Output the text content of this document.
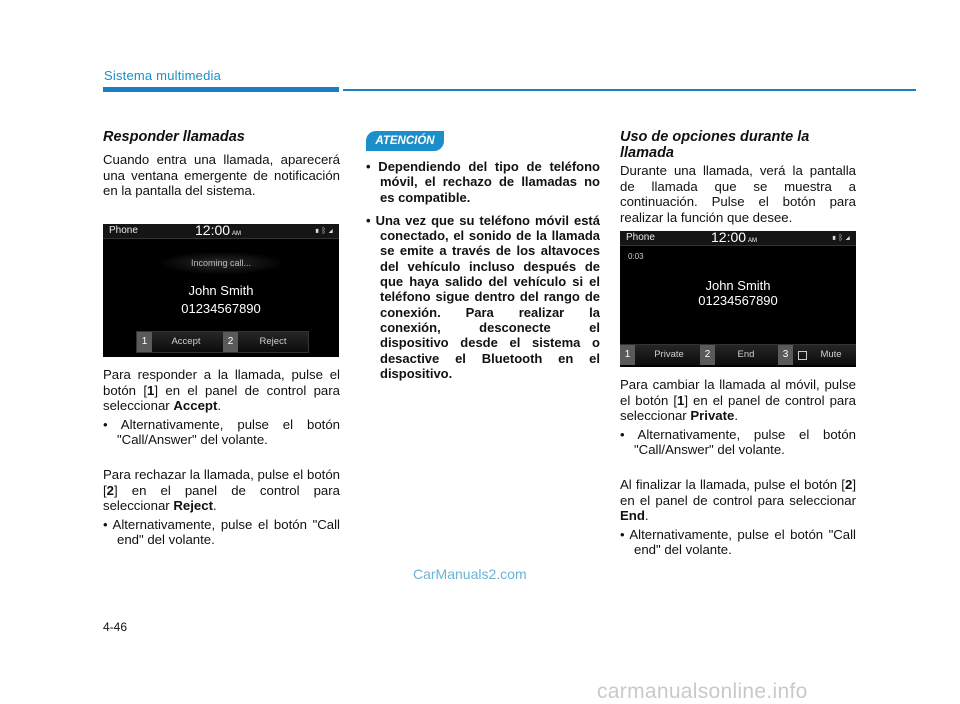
Sistema multimedia

Responder llamadas

Cuando entra una llamada, aparecerá una ventana emergente de notificación en la pantalla del sistema.

Phone	12:00 AM	▮ᛒ◢
Incoming call...
John Smith
01234567890
1	Accept	2	Reject

Para responder a la llamada, pulse el botón [1] en el panel de control para seleccionar Accept.

• Alternativamente, pulse el botón "Call/Answer" del volante.

Para rechazar la llamada, pulse el botón [2] en el panel de control para seleccionar Reject.

• Alternativamente, pulse el botón "Call end" del volante.

ATENCIÓN

• Dependiendo del tipo de teléfono móvil, el rechazo de llamadas no es compatible.

• Una vez que su teléfono móvil está conectado, el sonido de la llamada se emite a través de los altavoces del vehículo incluso después de que haya salido del vehículo si el teléfono sigue dentro del rango de conexión. Para realizar la conexión, desconecte el dispositivo desde el sistema o desactive el Bluetooth en el dispositivo.

Uso de opciones durante la llamada

Durante una llamada, verá la pantalla de llamada que se muestra a continuación. Pulse el botón para realizar la función que desee.

Phone	12:00 AM	▮ᛒ◢
0:03
John Smith
01234567890
1	Private	2	End	3	Mute

Para cambiar la llamada al móvil, pulse el botón [1] en el panel de control para seleccionar Private.

• Alternativamente, pulse el botón "Call/Answer" del volante.

Al finalizar la llamada, pulse el botón [2] en el panel de control para seleccionar End.

• Alternativamente, pulse el botón "Call end" del volante.

CarManuals2.com
4-46
carmanualsonline.info
